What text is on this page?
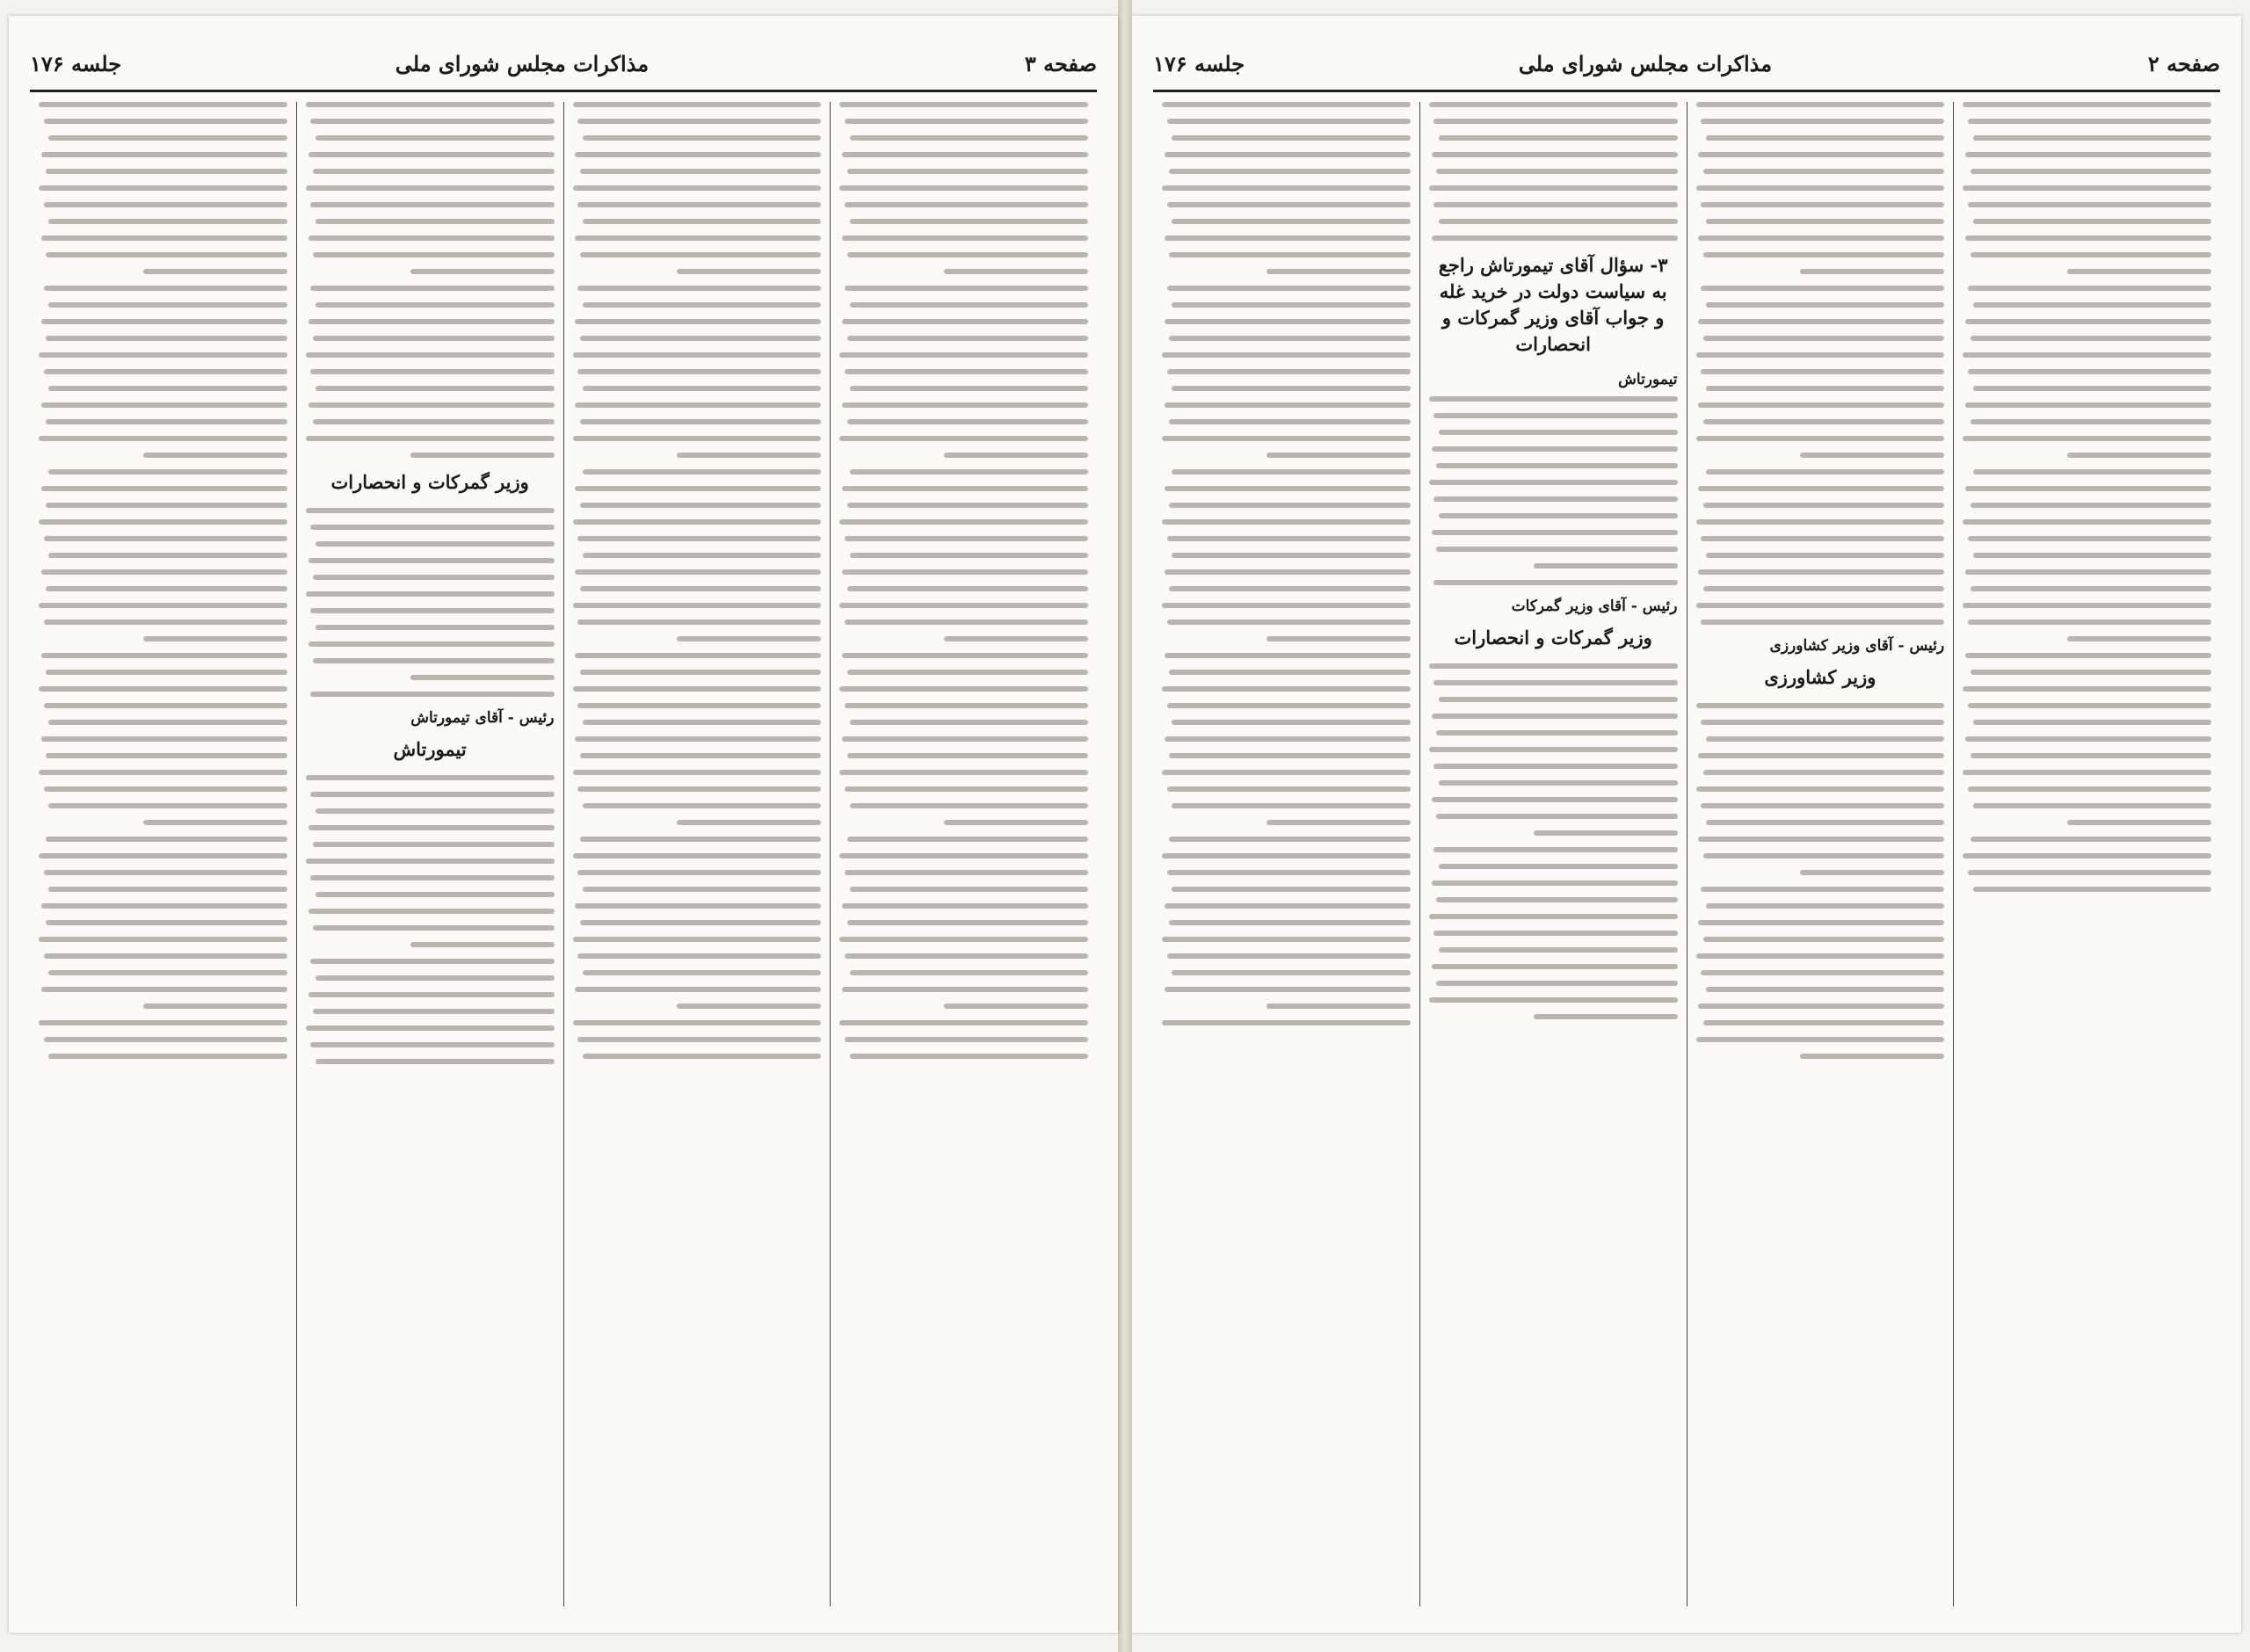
صفحه ۲
مذاکرات مجلس شورای ملی
جلسه ۱۷۶
رئیس - آقای وزیر کشاورزی
وزیر کشاورزی
۳- سؤال آقای تیمورتاش راجع به سیاست دولت در خرید غله و جواب آقای وزیر گمرکات و انحصارات
تیمورتاش
رئیس - آقای وزیر گمرکات
وزیر گمرکات و انحصارات
صفحه ۳
مذاکرات مجلس شورای ملی
جلسه ۱۷۶
وزیر گمرکات و انحصارات
رئیس - آقای تیمورتاش
تیمورتاش
